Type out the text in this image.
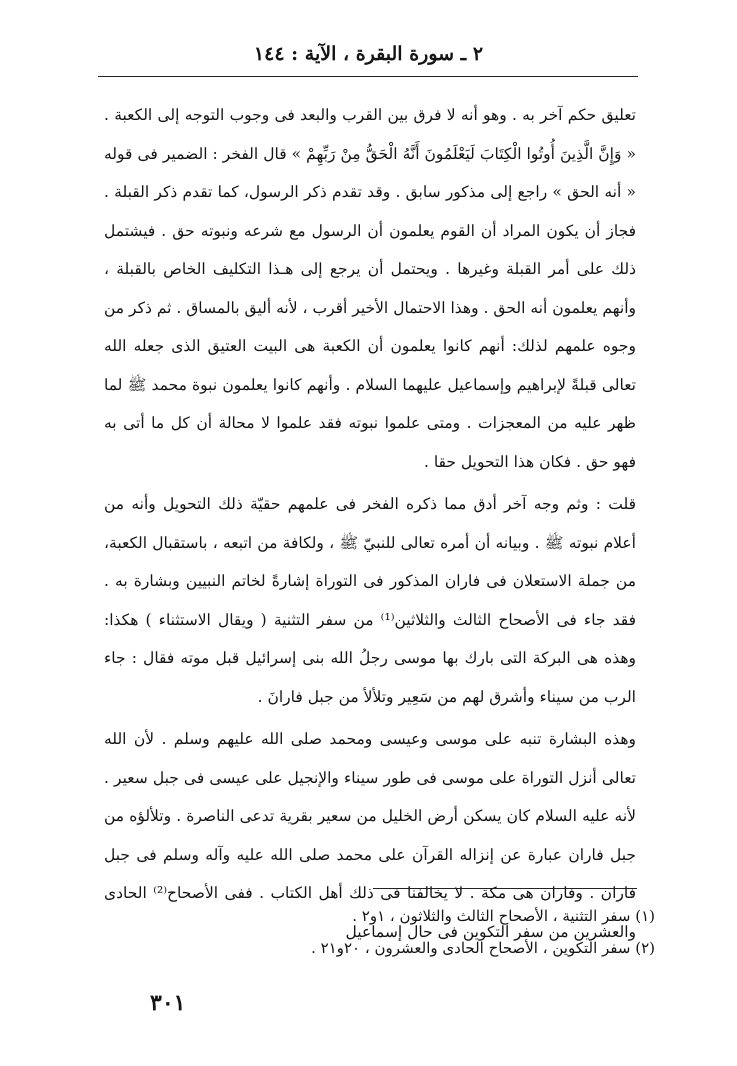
٢ ـ سورة البقرة ، الآية : ١٤٤

تعليق حكم آخر به . وهو أنه لا فرق بين القرب والبعد فى وجوب التوجه إلى الكعبة . « وَإِنَّ الَّذِينَ أُوتُوا الْكِتَابَ لَيَعْلَمُونَ أَنَّهُ الْحَقُّ مِنْ رَبِّهِمْ » قال الفخر : الضمير فى قوله « أنه الحق » راجع إلى مذكور سابق . وقد تقدم ذكر الرسول، كما تقدم ذكر القبلة . فجاز أن يكون المراد أن القوم يعلمون أن الرسول مع شرعه ونبوته حق . فيشتمل ذلك على أمر القبلة وغيرها . ويحتمل أن يرجع إلى هـذا التكليف الخاص بالقبلة ، وأنهم يعلمون أنه الحق . وهذا الاحتمال الأخير أقرب ، لأنه أليق بالمساق . ثم ذكر من وجوه علمهم لذلك: أنهم كانوا يعلمون أن الكعبة هى البيت العتيق الذى جعله الله تعالى قبلةً لإبراهيم وإسماعيل عليهما السلام . وأنهم كانوا يعلمون نبوة محمد ﷺ لما ظهر عليه من المعجزات . ومتى علموا نبوته فقد علموا لا محالة أن كل ما أتى به فهو حق . فكان هذا التحويل حقا .

قلت : وثم وجه آخر أدق مما ذكره الفخر فى علمهم حقيّة ذلك التحويل وأنه من أعلام نبوته ﷺ . وبيانه أن أمره تعالى للنبيّ ﷺ ، ولكافة من اتبعه ، باستقبال الكعبة، من جملة الاستعلان فى فاران المذكور فى التوراة إشارةً لخاتم النبيين وبشارة به . فقد جاء فى الأصحاح الثالث والثلاثين⁽¹⁾ من سفر التثنية ( ويقال الاستثناء ) هكذا: وهذه هى البركة التى بارك بها موسى رجلُ الله بنى إسرائيل قبل موته فقال : جاء الرب من سيناء وأشرق لهم من سَعِير وتلألأ من جبل فارانَ .

وهذه البشارة تنبه على موسى وعيسى ومحمد صلى الله عليهم وسلم . لأن الله تعالى أنزل التوراة على موسى فى طور سيناء والإنجيل على عيسى فى جبل سعير . لأنه عليه السلام كان يسكن أرض الخليل من سعير بقرية تدعى الناصرة . وتلألؤه من جبل فاران عبارة عن إنزاله القرآن على محمد صلى الله عليه وآله وسلم فى جبل فاران . وفاران هى مكة . لا يخالفنا فى ذلك أهل الكتاب . ففى الأصحاح⁽²⁾ الحادى والعشرين من سفر التكوين فى حال إسماعيل

(١) سفر التثنية ، الأصحاح الثالث والثلاثون ، ١و٢ .

(٢) سفر التكوين ، الأصحاح الحادى والعشرون ، ٢٠و٢١ .

٣٠١
